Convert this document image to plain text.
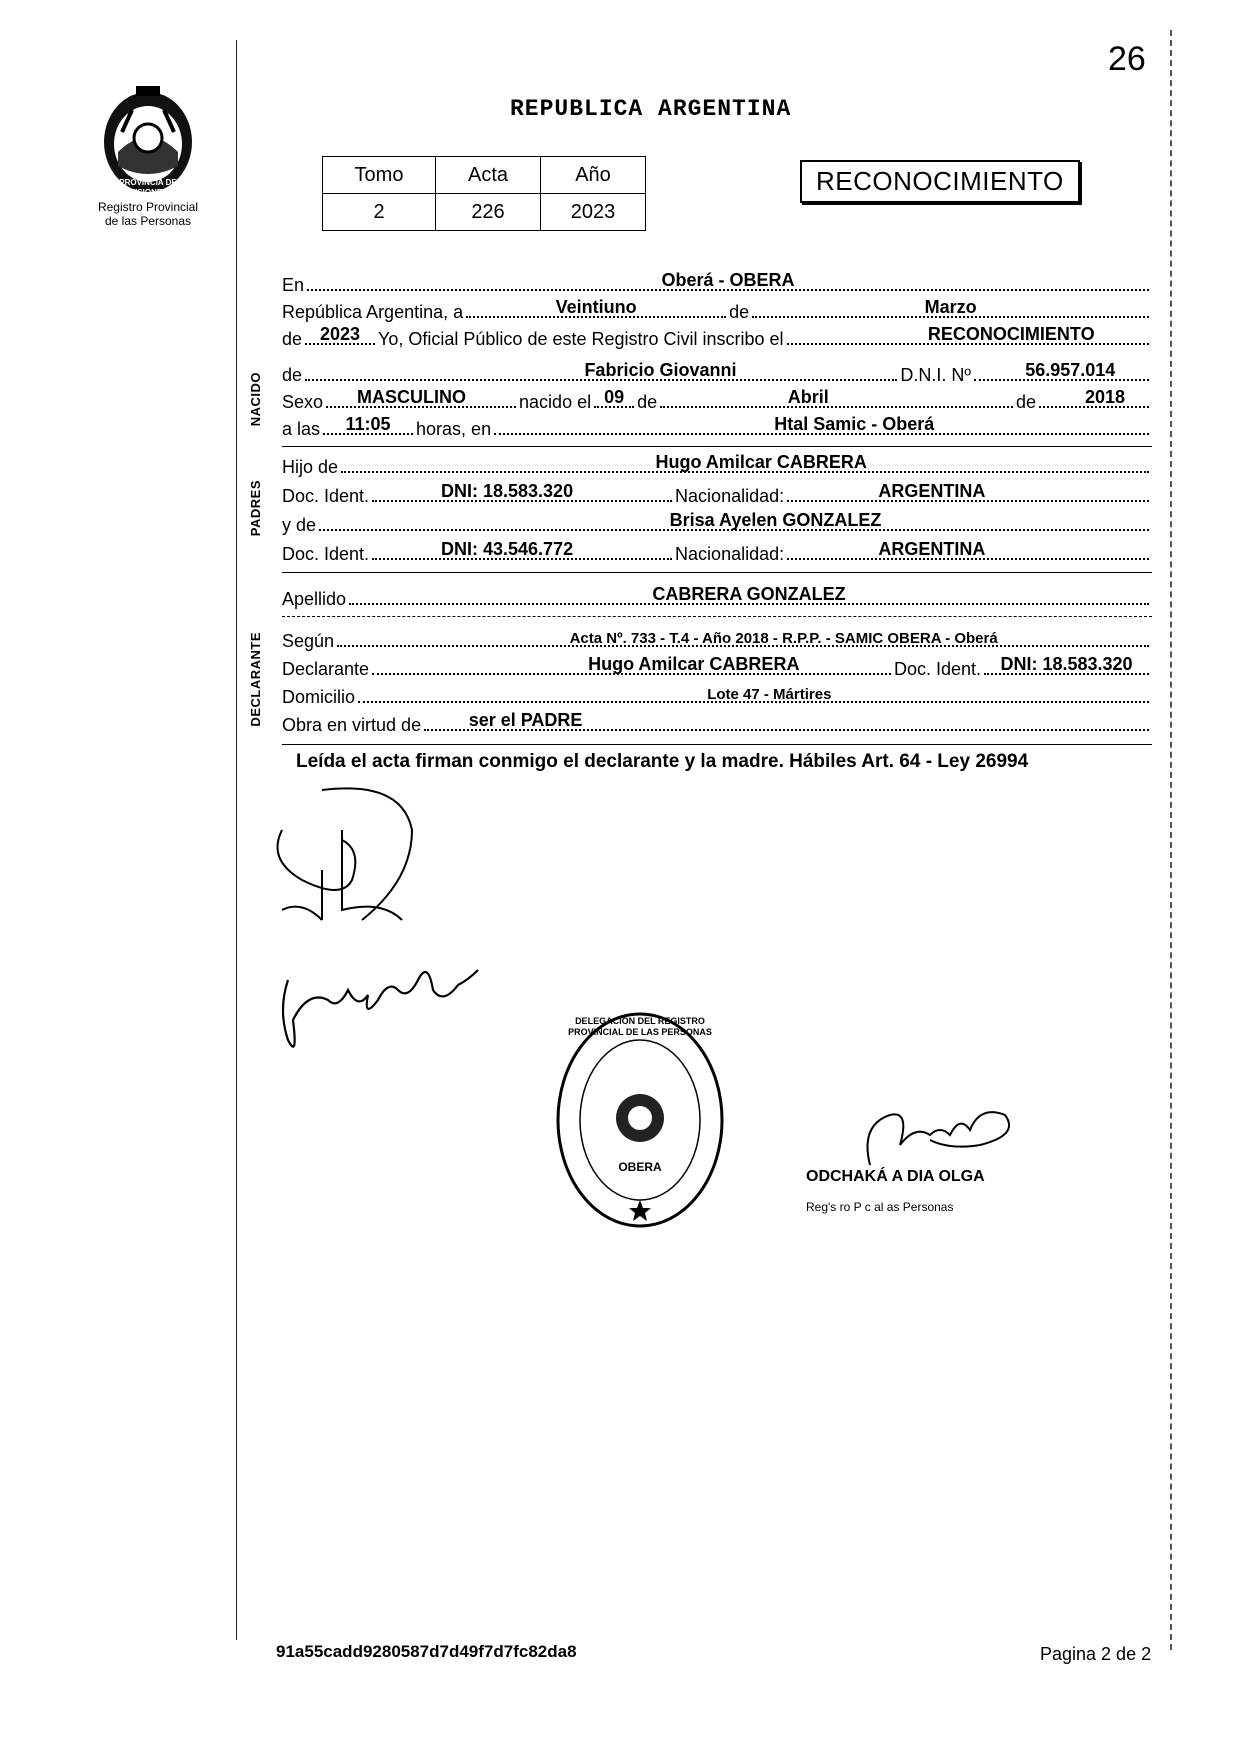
26
PROVINCIA DE MISIONES
Registro Provincial
de las Personas
REPUBLICA ARGENTINA
Tomo	Acta	Año
2	226	2023
RECONOCIMIENTO
En	Oberá - OBERA
República Argentina, a	Veintiuno	de	Marzo
de 2023 Yo, Oficial Público de este Registro Civil inscribo el	RECONOCIMIENTO
NACIDO de	Fabricio Giovanni	D.N.I. Nº	56.957.014
Sexo MASCULINO	nacido el 09 de	Abril	de	2018
a las 11:05 horas, en	Htal Samic - Oberá
PADRES
Hijo de	Hugo Amilcar CABRERA
Doc. Ident.	DNI: 18.583.320	Nacionalidad:	ARGENTINA
y de	Brisa Ayelen GONZALEZ
Doc. Ident.	DNI: 43.546.772	Nacionalidad:	ARGENTINA
Apellido	CABRERA GONZALEZ
DECLARANTE Según	Acta Nº. 733 - T.4 - Año 2018 - R.P.P. - SAMIC OBERA - Oberá
Declarante	Hugo Amilcar CABRERA	Doc. Ident. DNI: 18.583.320
Domicilio	Lote 47 - Mártires
Obra en virtud de	ser el PADRE
Leída el acta firman conmigo el declarante y la madre. Hábiles Art. 64 - Ley 26994
DELEGACION DEL REGISTRO PROVINCIAL DE LAS PERSONAS
OBERA
ODCHAKÁ A DIA OLGA
Reg's ro P c al as Personas
91a55cadd9280587d7d49f7d7fc82da8	Pagina 2 de 2
